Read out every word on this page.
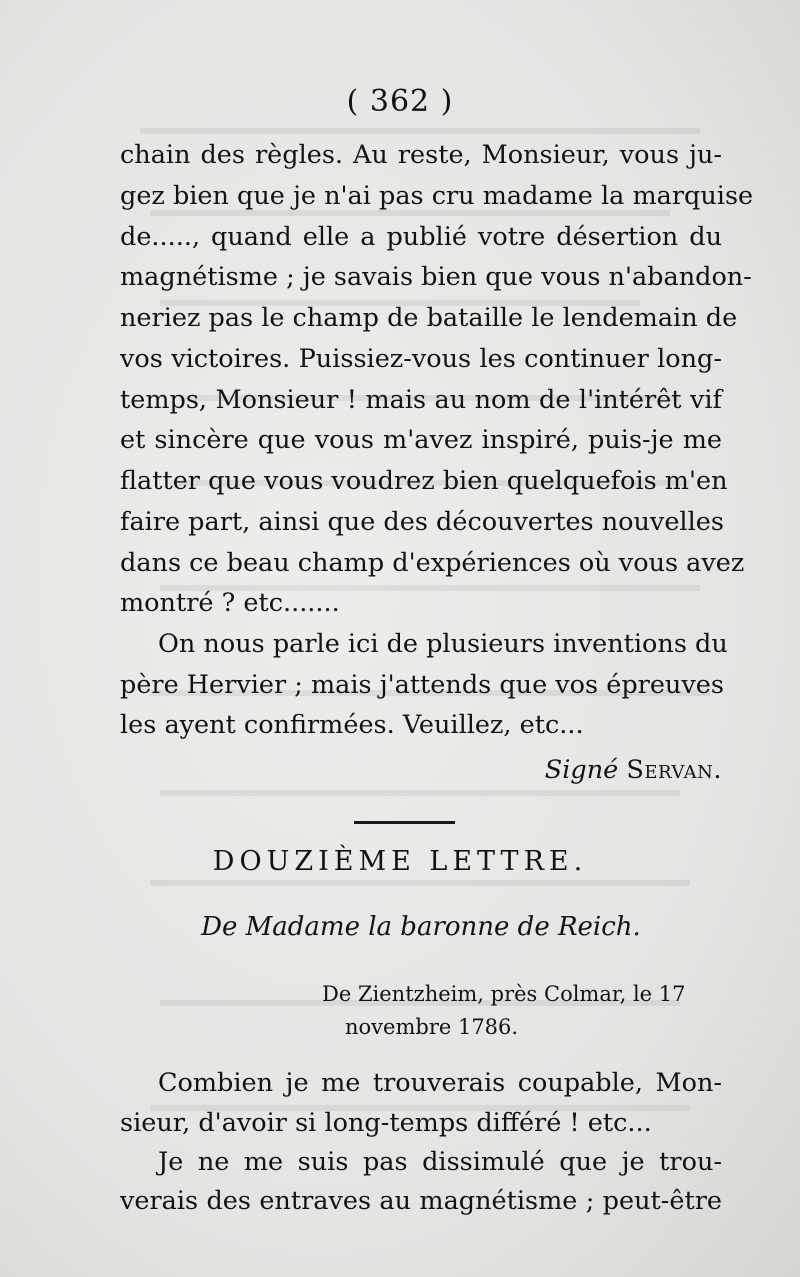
( 362 )
chain des règles. Au reste, Monsieur, vous ju-
gez bien que je n'ai pas cru madame la marquise
de....., quand elle a publié votre désertion du
magnétisme ; je savais bien que vous n'abandon-
neriez pas le champ de bataille le lendemain de
vos victoires. Puissiez-vous les continuer long-
temps, Monsieur ! mais au nom de l'intérêt vif
et sincère que vous m'avez inspiré, puis-je me
flatter que vous voudrez bien quelquefois m'en
faire part, ainsi que des découvertes nouvelles
dans ce beau champ d'expériences où vous avez
montré ? etc.......
On nous parle ici de plusieurs inventions du
père Hervier ; mais j'attends que vos épreuves
les ayent confirmées. Veuillez, etc...
Signé Servan.
DOUZIÈME LETTRE.
De Madame la baronne de Reich.
De Zientzheim, près Colmar, le 17
novembre 1786.
Combien je me trouverais coupable, Mon-
sieur, d'avoir si long-temps différé ! etc...
Je ne me suis pas dissimulé que je trou-
verais des entraves au magnétisme ; peut-être
